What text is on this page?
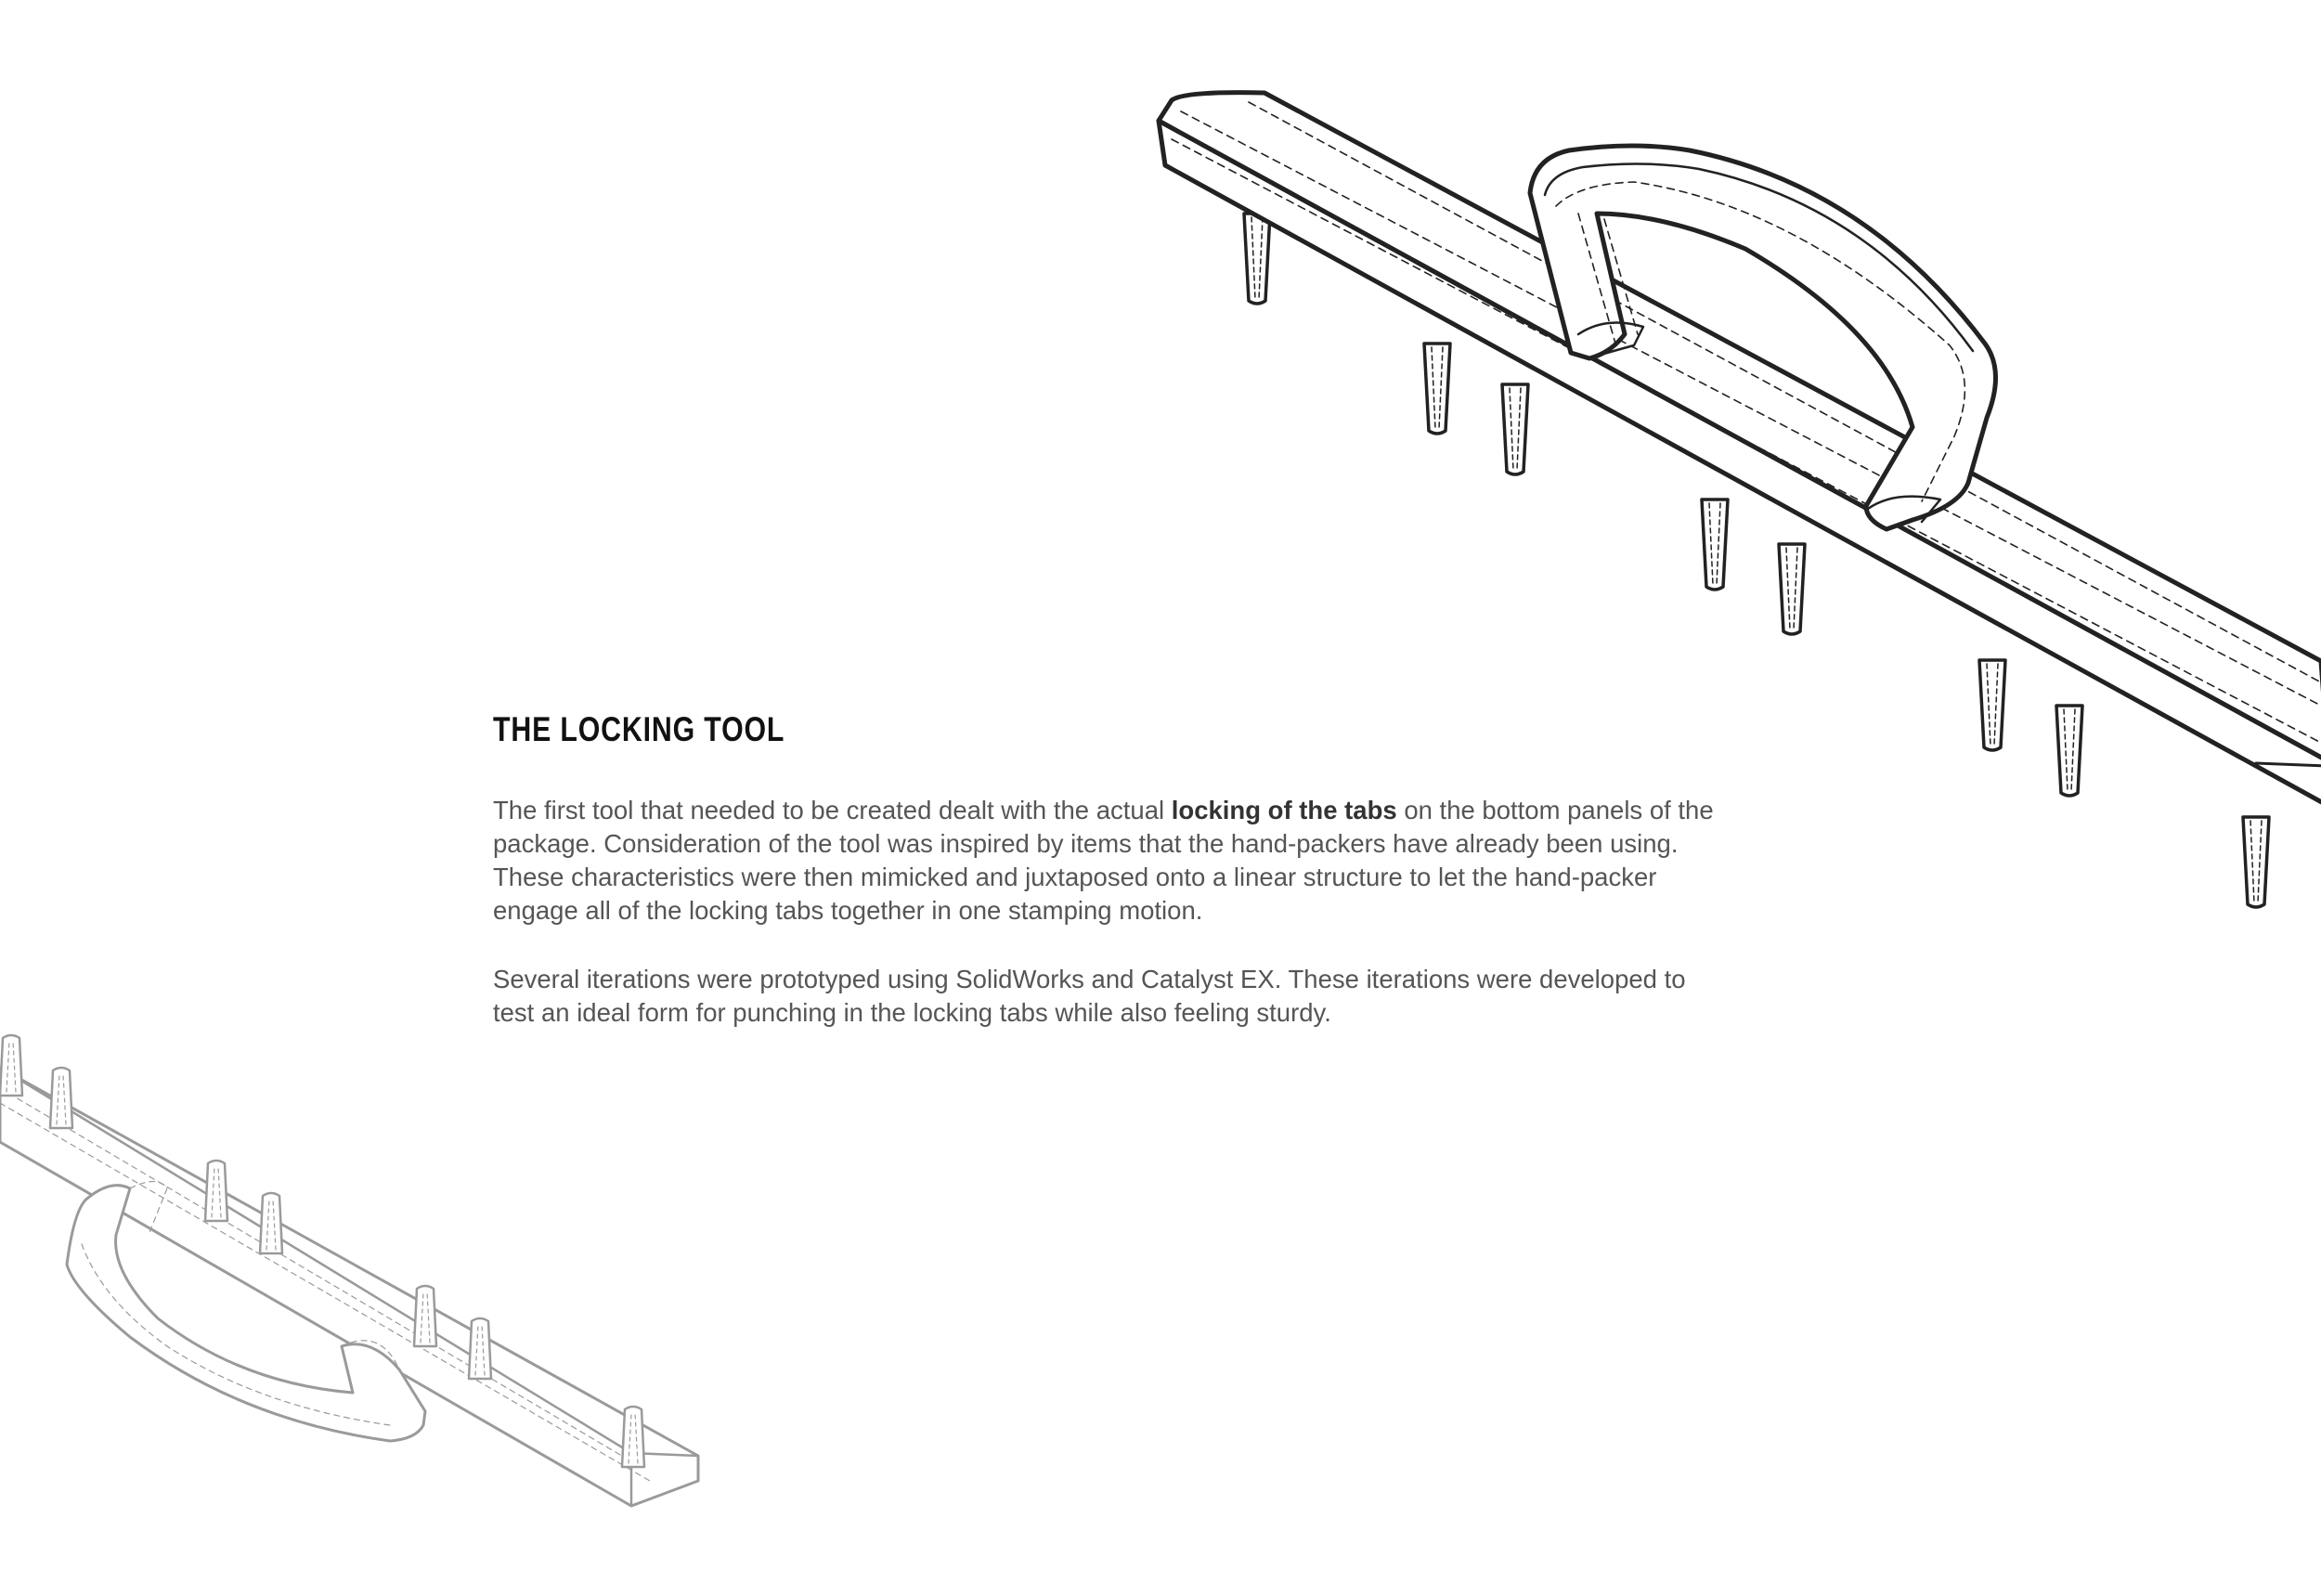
THE LOCKING TOOL

The first tool that needed to be created dealt with the actual locking of the tabs on the bottom panels of the package. Consideration of the tool was inspired by items that the hand-packers have already been using. These characteristics were then mimicked and juxtaposed onto a linear structure to let the hand-packer engage all of the locking tabs together in one stamping motion.

Several iterations were prototyped using SolidWorks and Catalyst EX. These iterations were developed to test an ideal form for punching in the locking tabs while also feeling sturdy.
